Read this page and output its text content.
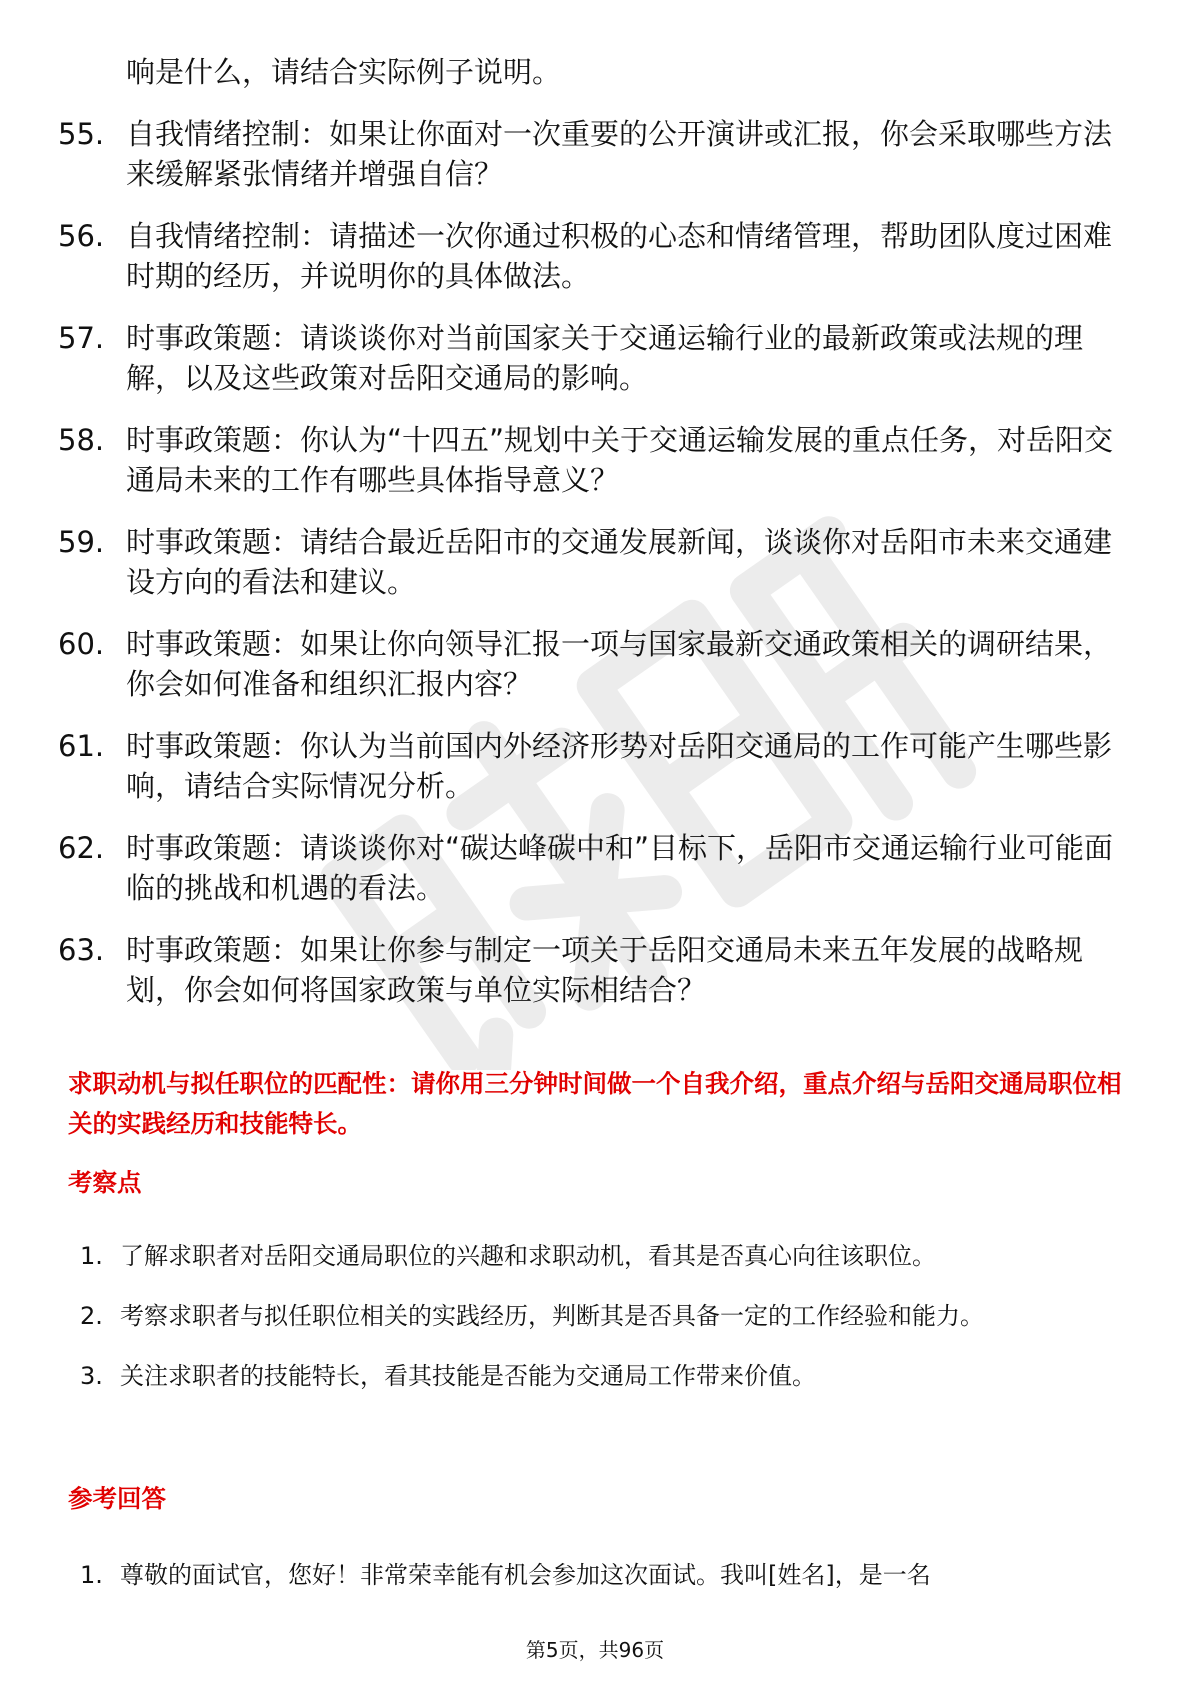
响是什么，请结合实际例子说明。
55. 自我情绪控制：如果让你面对一次重要的公开演讲或汇报，你会采取哪些方法来缓解紧张情绪并增强自信？
56. 自我情绪控制：请描述一次你通过积极的心态和情绪管理，帮助团队度过困难时期的经历，并说明你的具体做法。
57. 时事政策题：请谈谈你对当前国家关于交通运输行业的最新政策或法规的理解，以及这些政策对岳阳交通局的影响。
58. 时事政策题：你认为“十四五”规划中关于交通运输发展的重点任务，对岳阳交通局未来的工作有哪些具体指导意义？
59. 时事政策题：请结合最近岳阳市的交通发展新闻，谈谈你对岳阳市未来交通建设方向的看法和建议。
60. 时事政策题：如果让你向领导汇报一项与国家最新交通政策相关的调研结果，你会如何准备和组织汇报内容？
61. 时事政策题：你认为当前国内外经济形势对岳阳交通局的工作可能产生哪些影响，请结合实际情况分析。
62. 时事政策题：请谈谈你对“碳达峰碳中和”目标下，岳阳市交通运输行业可能面临的挑战和机遇的看法。
63. 时事政策题：如果让你参与制定一项关于岳阳交通局未来五年发展的战略规划，你会如何将国家政策与单位实际相结合？
求职动机与拟任职位的匹配性：请你用三分钟时间做一个自我介绍，重点介绍与岳阳交通局职位相关的实践经历和技能特长。
考察点
1. 了解求职者对岳阳交通局职位的兴趣和求职动机，看其是否真心向往该职位。
2. 考察求职者与拟任职位相关的实践经历，判断其是否具备一定的工作经验和能力。
3. 关注求职者的技能特长，看其技能是否能为交通局工作带来价值。
参考回答
1. 尊敬的面试官，您好！非常荣幸能有机会参加这次面试。我叫[姓名]，是一名
第5页，共96页
